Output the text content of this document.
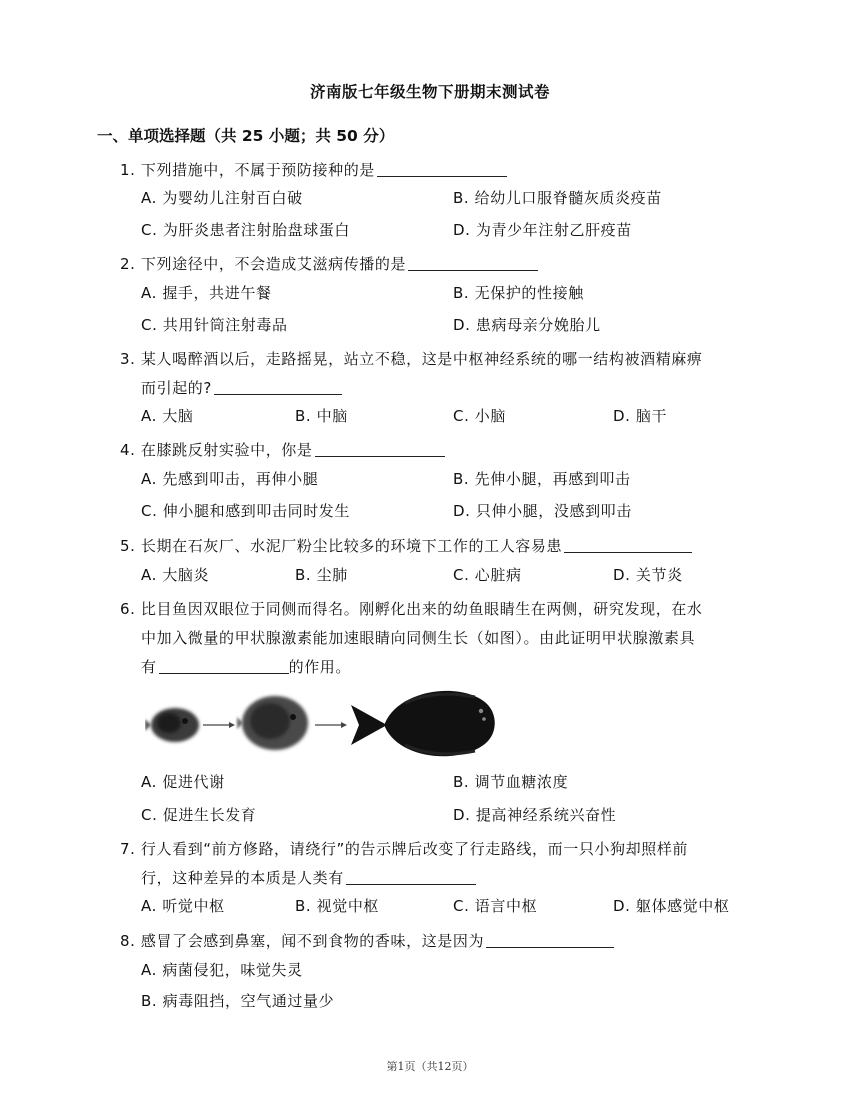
济南版七年级生物下册期末测试卷
一、单项选择题（共 25 小题；共 50 分）
1. 下列措施中，不属于预防接种的是
A. 为婴幼儿注射百白破	B. 给幼儿口服脊髓灰质炎疫苗
C. 为肝炎患者注射胎盘球蛋白	D. 为青少年注射乙肝疫苗
2. 下列途径中，不会造成艾滋病传播的是
A. 握手，共进午餐	B. 无保护的性接触
C. 共用针筒注射毒品	D. 患病母亲分娩胎儿
3. 某人喝醉酒以后，走路摇晃，站立不稳，这是中枢神经系统的哪一结构被酒精麻痹
而引起的?
A. 大脑	B. 中脑	C. 小脑	D. 脑干
4. 在膝跳反射实验中，你是
A. 先感到叩击，再伸小腿	B. 先伸小腿，再感到叩击
C. 伸小腿和感到叩击同时发生	D. 只伸小腿，没感到叩击
5. 长期在石灰厂、水泥厂粉尘比较多的环境下工作的工人容易患
A. 大脑炎	B. 尘肺	C. 心脏病	D. 关节炎
6. 比目鱼因双眼位于同侧而得名。刚孵化出来的幼鱼眼睛生在两侧，研究发现，在水
中加入微量的甲状腺激素能加速眼睛向同侧生长（如图）。由此证明甲状腺激素具
有	的作用。
A. 促进代谢	B. 调节血糖浓度
C. 促进生长发育	D. 提高神经系统兴奋性
7. 行人看到“前方修路，请绕行”的告示牌后改变了行走路线，而一只小狗却照样前
行，这种差异的本质是人类有
A. 听觉中枢	B. 视觉中枢	C. 语言中枢	D. 躯体感觉中枢
8. 感冒了会感到鼻塞，闻不到食物的香味，这是因为
A. 病菌侵犯，味觉失灵
B. 病毒阻挡，空气通过量少
第1页（共12页）
